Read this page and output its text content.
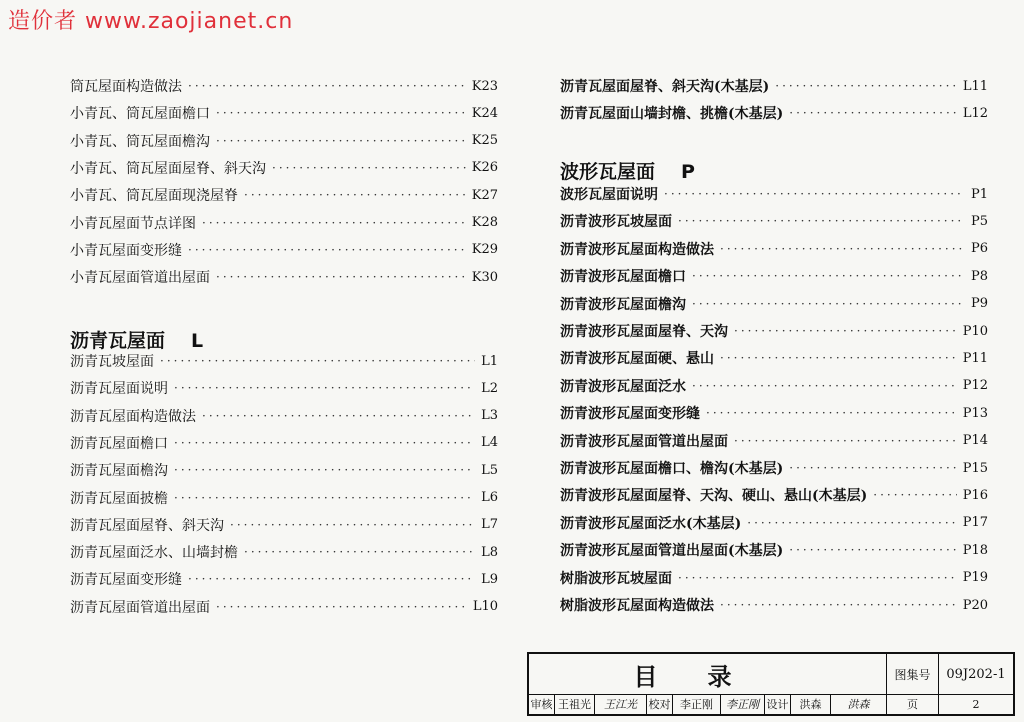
造价者 www.zaojianet.cn
筒瓦屋面构造做法 ·····	K23
小青瓦、筒瓦屋面檐口 ·····	K24
小青瓦、筒瓦屋面檐沟 ·····	K25
小青瓦、筒瓦屋面屋脊、斜天沟 ·····	K26
小青瓦、筒瓦屋面现浇屋脊 ·····	K27
小青瓦屋面节点详图 ·····	K28
小青瓦屋面变形缝 ·····	K29
小青瓦屋面管道出屋面 ·····	K30
沥青瓦屋面 L
沥青瓦坡屋面 ·····	L1
沥青瓦屋面说明 ·····	L2
沥青瓦屋面构造做法 ·····	L3
沥青瓦屋面檐口 ·····	L4
沥青瓦屋面檐沟 ·····	L5
沥青瓦屋面披檐 ·····	L6
沥青瓦屋面屋脊、斜天沟 ·····	L7
沥青瓦屋面泛水、山墙封檐 ·····	L8
沥青瓦屋面变形缝 ·····	L9
沥青瓦屋面管道出屋面 ·····	L10
沥青瓦屋面屋脊、斜天沟(木基层) ·····	L11
沥青瓦屋面山墙封檐、挑檐(木基层) ·····	L12
波形瓦屋面 P
波形瓦屋面说明 ·····	P1
沥青波形瓦坡屋面 ·····	P5
沥青波形瓦屋面构造做法 ·····	P6
沥青波形瓦屋面檐口 ·····	P8
沥青波形瓦屋面檐沟 ·····	P9
沥青波形瓦屋面屋脊、天沟 ·····	P10
沥青波形瓦屋面硬、悬山 ·····	P11
沥青波形瓦屋面泛水 ·····	P12
沥青波形瓦屋面变形缝 ·····	P13
沥青波形瓦屋面管道出屋面 ·····	P14
沥青波形瓦屋面檐口、檐沟(木基层) ·····	P15
沥青波形瓦屋面屋脊、天沟、硬山、悬山(木基层) ·····	P16
沥青波形瓦屋面泛水(木基层) ·····	P17
沥青波形瓦屋面管道出屋面(木基层) ·····	P18
树脂波形瓦坡屋面 ·····	P19
树脂波形瓦屋面构造做法 ·····	P20
目录	图集号	09J202-1
审核 王祖光	王江光	校对 李正刚	李正刚 设计	洪森	洪森	页	2
